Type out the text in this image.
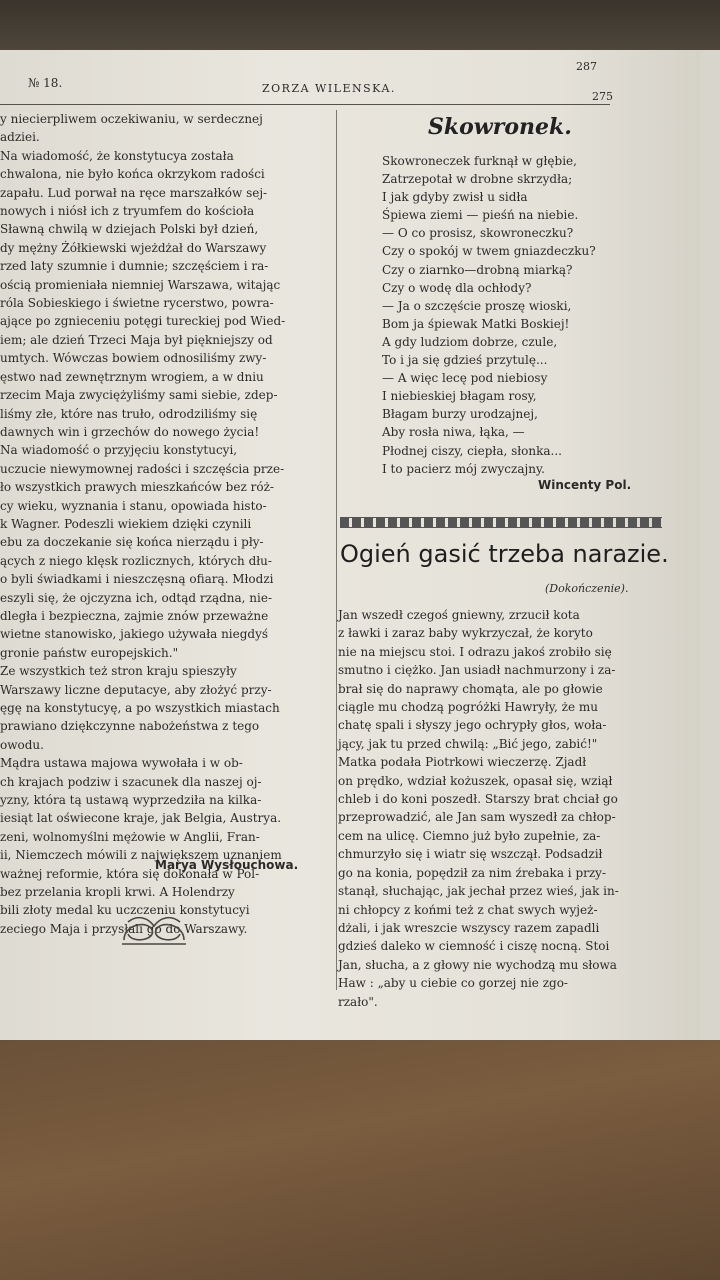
№ 18.	ZORZA WILENSKA.
287
275

y niecierpliwem oczekiwaniu, w serdecznej

adziei.

Na wiadomość, że konstytucya została

chwalona, nie było końca okrzykom radości

zapału. Lud porwał na ręce marszałków sej-

nowych i niósł ich z tryumfem do kościoła

Sławną chwilą w dziejach Polski był dzień,

dy mężny Żółkiewski wjeżdżał do Warszawy

rzed laty szumnie i dumnie; szczęściem i ra-

ością promieniała niemniej Warszawa, witając

róla Sobieskiego i świetne rycerstwo, powra-

ające po zgnieceniu potęgi tureckiej pod Wied-

iem; ale dzień Trzeci Maja był piękniejszy od

umtych. Wówczas bowiem odnosiliśmy zwy-

ęstwo nad zewnętrznym wrogiem, a w dniu

rzecim Maja zwyciężyliśmy sami siebie, zdep-

liśmy złe, które nas truło, odrodziliśmy się

dawnych win i grzechów do nowego życia!

Na wiadomość o przyjęciu konstytucyi,

uczucie niewymownej radości i szczęścia prze-

ło wszystkich prawych mieszkańców bez róż-

cy wieku, wyznania i stanu, opowiada histo-

k Wagner. Podeszli wiekiem dzięki czynili

ebu za doczekanie się końca nierządu i pły-

ących z niego klęsk rozlicznych, których dłu-

o byli świadkami i nieszczęsną ofiarą. Młodzi

eszyli się, że ojczyzna ich, odtąd rządna, nie-

dległa i bezpieczna, zajmie znów przeważne

wietne stanowisko, jakiego używała niegdyś

gronie państw europejskich."

Ze wszystkich też stron kraju spieszyły

Warszawy liczne deputacye, aby złożyć przy-

ęgę na konstytucyę, a po wszystkich miastach

prawiano dziękczynne nabożeństwa z tego

owodu.

Mądra ustawa majowa wywołała i w ob-

ch krajach podziw i szacunek dla naszej oj-

yzny, która tą ustawą wyprzedziła na kilka-

iesiąt lat oświecone kraje, jak Belgia, Austrya.

zeni, wolnomyślni mężowie w Anglii, Fran-

ii, Niemczech mówili z największem uznaniem

ważnej reformie, która się dokonała w Pol-

bez przelania kropli krwi. A Holendrzy

bili złoty medal ku uczczeniu konstytucyi

zeciego Maja i przysłali go do Warszawy.

Marya Wysłouchowa.
Skowronek.

Skowroneczek furknął w głębie,

Zatrzepotał w drobne skrzydła;

I jak gdyby zwisł u sidła

Śpiewa ziemi — pieśń na niebie.

— O co prosisz, skowroneczku?

Czy o spokój w twem gniazdeczku?

Czy o ziarnko—drobną miarką?

Czy o wodę dla ochłody?

— Ja o szczęście proszę wioski,

Bom ja śpiewak Matki Boskiej!

A gdy ludziom dobrze, czule,

To i ja się gdzieś przytulę...

— A więc lecę pod niebiosy

I niebieskiej błagam rosy,

Błagam burzy urodzajnej,

Aby rosła niwa, łąka, —

Płodnej ciszy, ciepła, słonka...

I to pacierz mój zwyczajny.

Wincenty Pol.
Ogień gasić trzeba narazie.
(Dokończenie).

Jan wszedł czegoś gniewny, zrzucił kota

z ławki i zaraz baby wykrzyczał, że koryto

nie na miejscu stoi. I odrazu jakoś zrobiło się

smutno i ciężko. Jan usiadł nachmurzony i za-

brał się do naprawy chomąta, ale po głowie

ciągle mu chodzą pogróżki Hawryły, że mu

chatę spali i słyszy jego ochrypły głos, woła-

jący, jak tu przed chwilą: „Bić jego, zabić!"

Matka podała Piotrkowi wieczerzę. Zjadł

on prędko, wdział kożuszek, opasał się, wziął

chleb i do koni poszedł. Starszy brat chciał go

przeprowadzić, ale Jan sam wyszedł za chłop-

cem na ulicę. Ciemno już było zupełnie, za-

chmurzyło się i wiatr się wszczął. Podsadził

go na konia, popędził za nim źrebaka i przy-

stanął, słuchając, jak jechał przez wieś, jak in-

ni chłopcy z końmi też z chat swych wyjeż-

dżali, i jak wreszcie wszyscy razem zapadli

gdzieś daleko w ciemność i ciszę nocną. Stoi

Jan, słucha, a z głowy nie wychodzą mu słowa

Haw : „aby u ciebie co gorzej nie zgo-

rzało".
